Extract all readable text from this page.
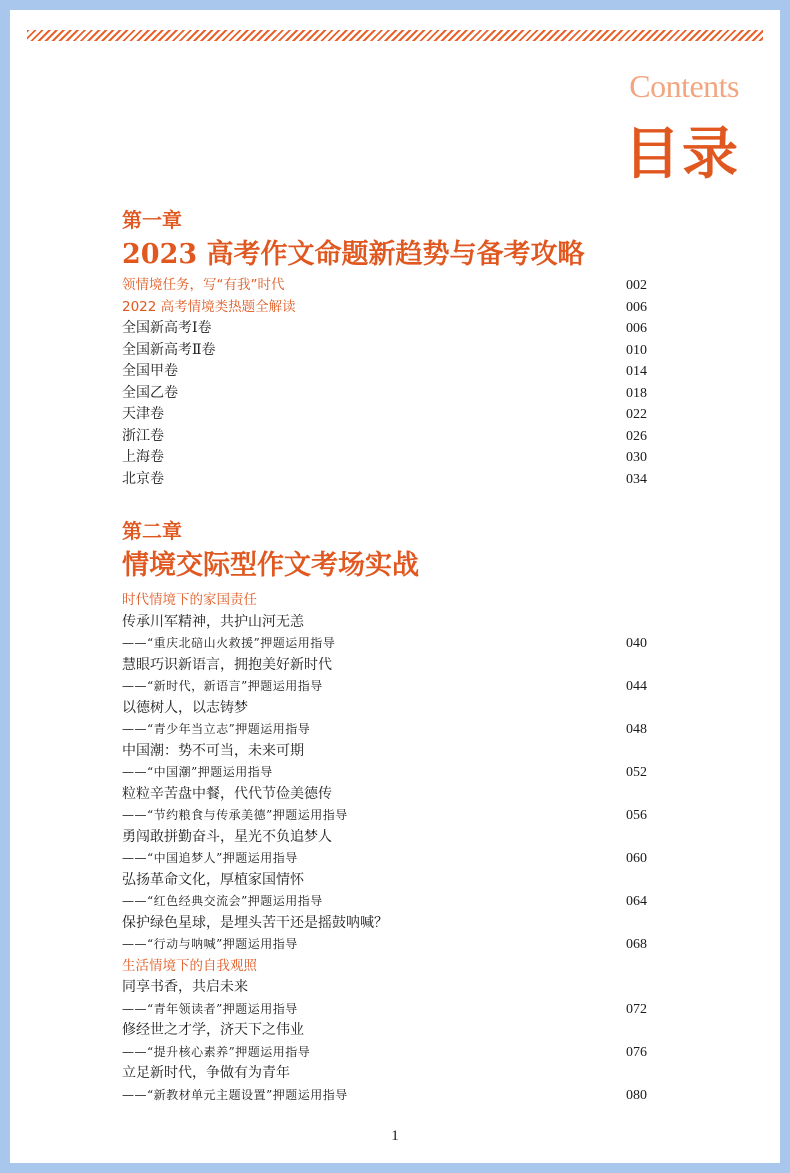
Contents
目录
第一章
2023 高考作文命题新趋势与备考攻略
领情境任务，写“有我”时代	002
2022 高考情境类热题全解读	006
全国新高考Ⅰ卷	006
全国新高考Ⅱ卷	010
全国甲卷	014
全国乙卷	018
天津卷	022
浙江卷	026
上海卷	030
北京卷	034
第二章
情境交际型作文考场实战
时代情境下的家国责任
传承川军精神，共护山河无恙
——“重庆北碚山火救援”押题运用指导	040
慧眼巧识新语言，拥抱美好新时代
——“新时代，新语言”押题运用指导	044
以德树人，以志铸梦
——“青少年当立志”押题运用指导	048
中国潮：势不可当，未来可期
——“中国潮”押题运用指导	052
粒粒辛苦盘中餐，代代节俭美德传
——“节约粮食与传承美德”押题运用指导	056
勇闯敢拼勤奋斗，星光不负追梦人
——“中国追梦人”押题运用指导	060
弘扬革命文化，厚植家国情怀
——“红色经典交流会”押题运用指导	064
保护绿色星球，是埋头苦干还是摇鼓呐喊？
——“行动与呐喊”押题运用指导	068
生活情境下的自我观照
同享书香，共启未来
——“青年领读者”押题运用指导	072
修经世之才学，济天下之伟业
——“提升核心素养”押题运用指导	076
立足新时代，争做有为青年
——“新教材单元主题设置”押题运用指导	080
1
